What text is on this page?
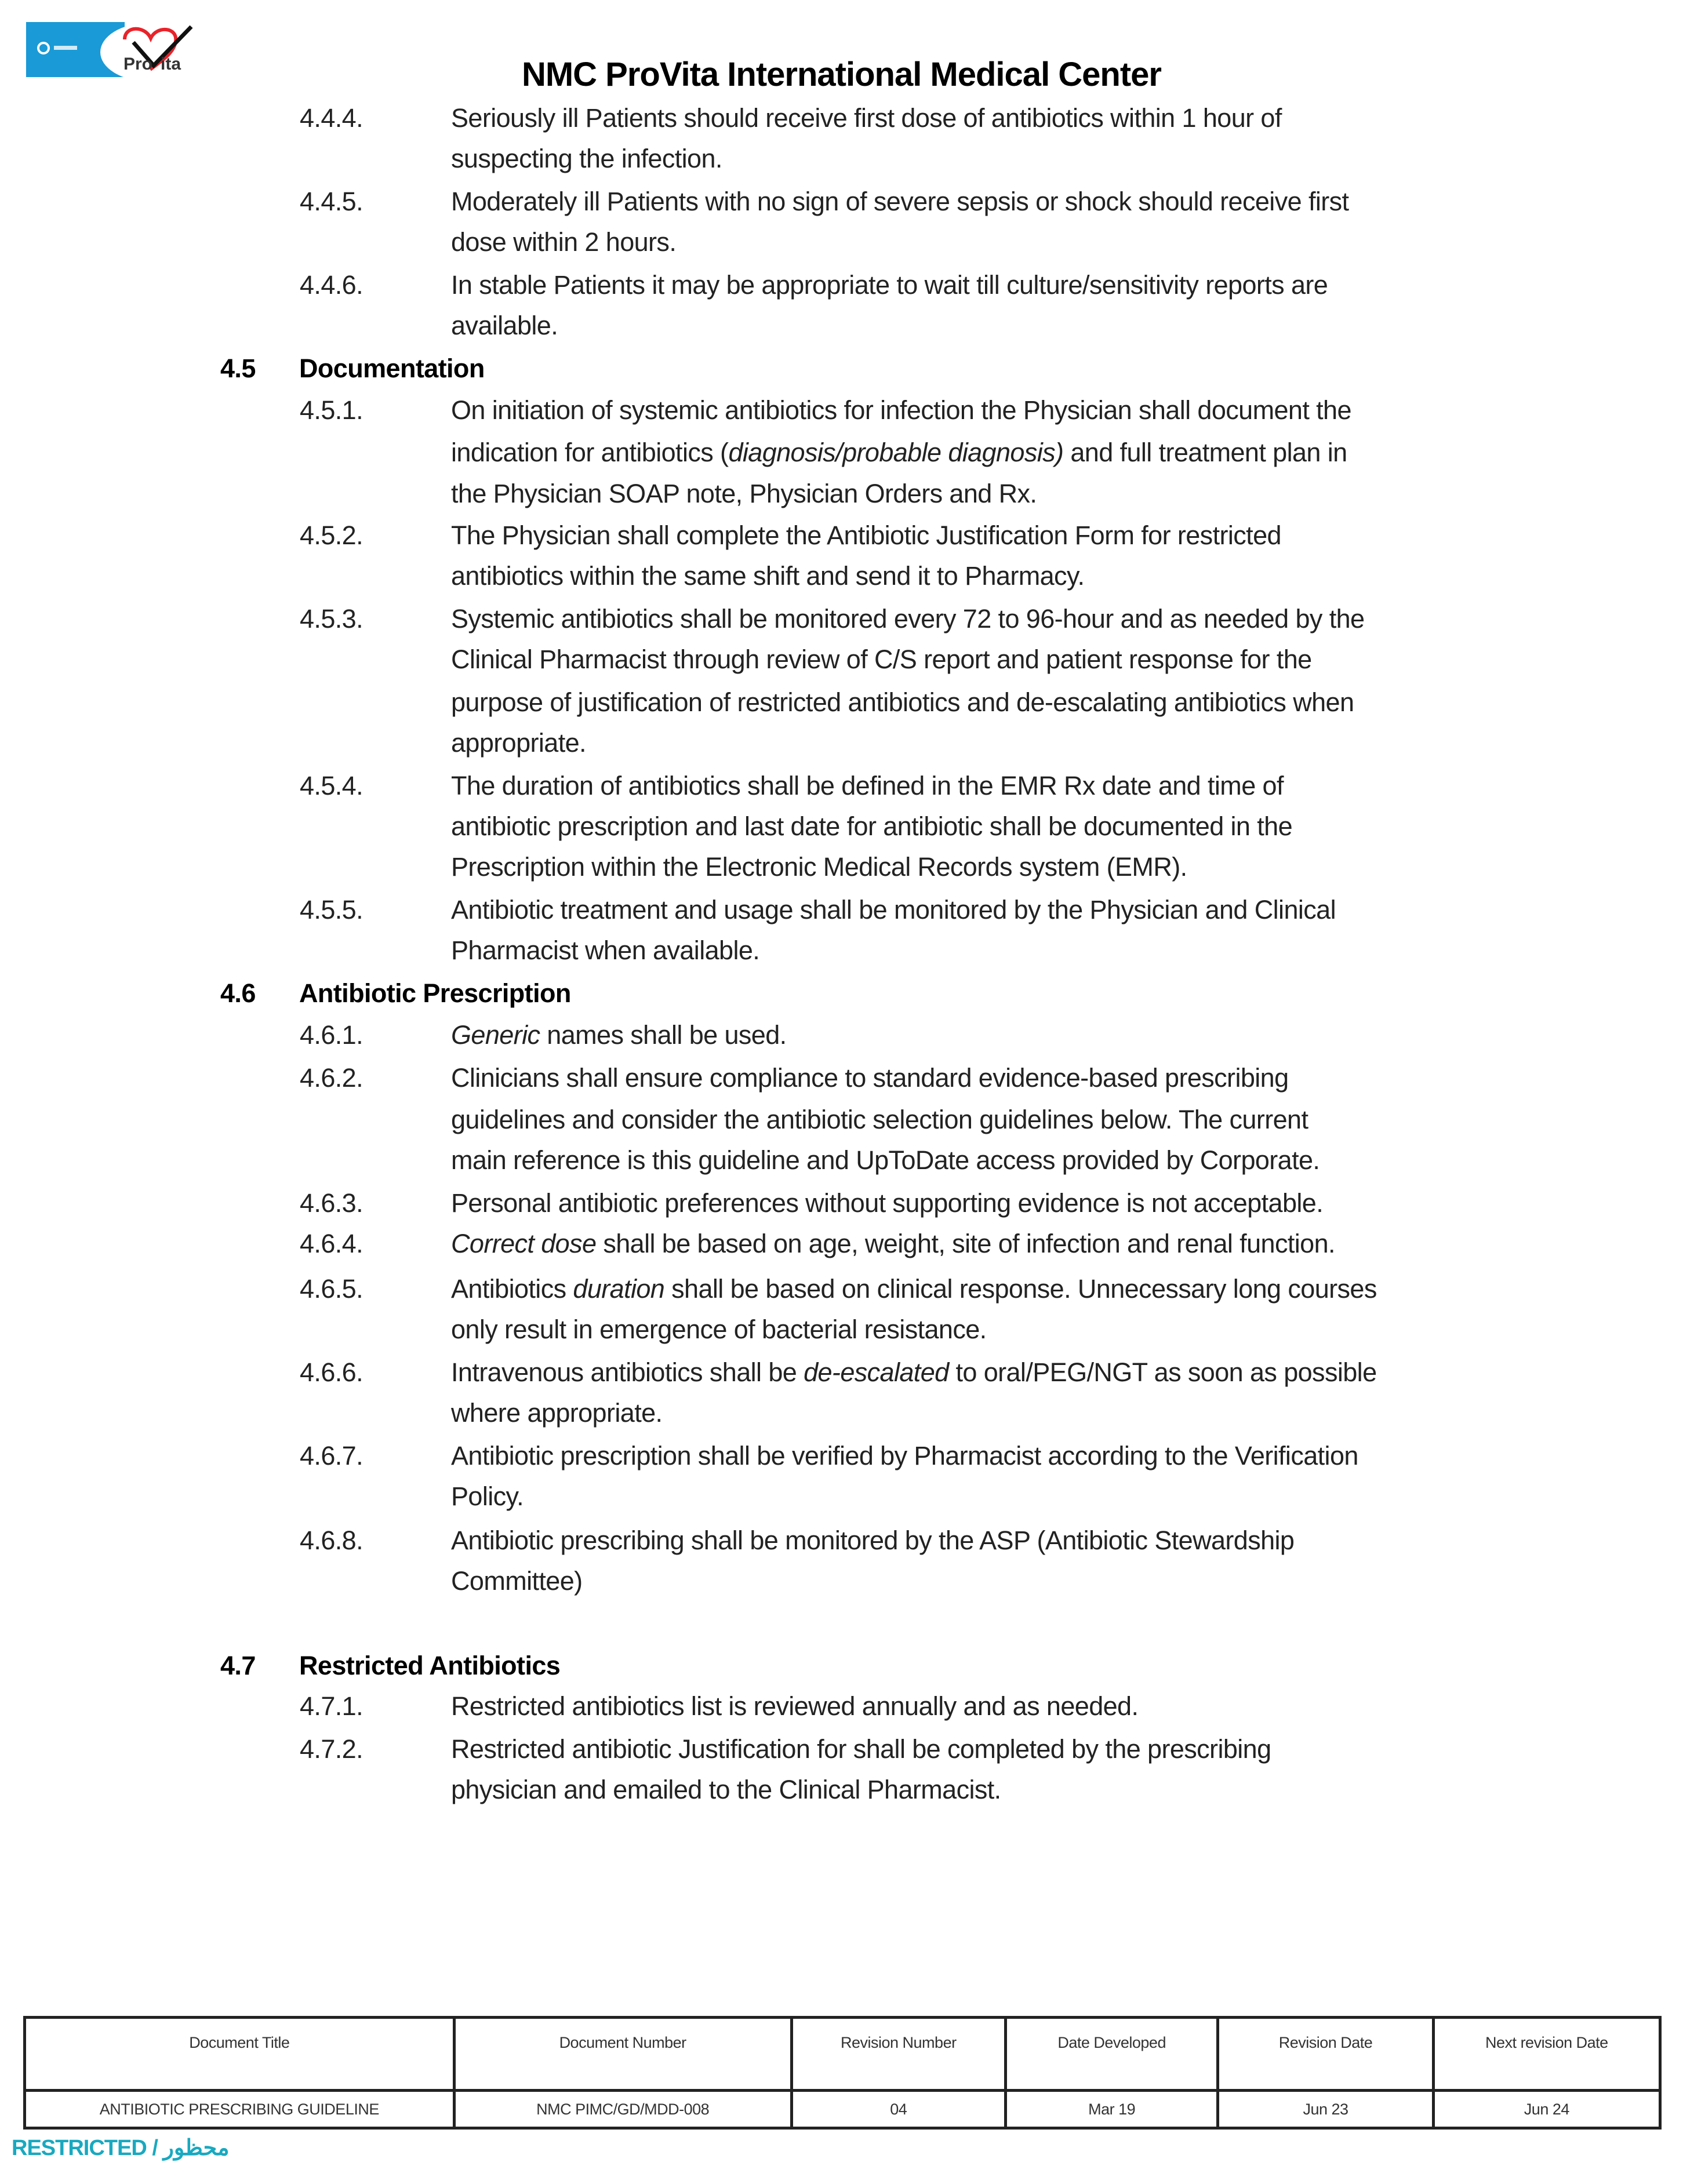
Pro ita	NMC ProVita International Medical Center
4.4.4.	Seriously ill Patients should receive first dose of antibiotics within 1 hour of
suspecting the infection.
4.4.5.	Moderately ill Patients with no sign of severe sepsis or shock should receive first
dose within 2 hours.
4.4.6.	In stable Patients it may be appropriate to wait till culture/sensitivity reports are
available.
4.5 Documentation
4.5.1.	On initiation of systemic antibiotics for infection the Physician shall document the
indication for antibiotics (diagnosis/probable diagnosis) and full treatment plan in
the Physician SOAP note, Physician Orders and Rx.
4.5.2.	The Physician shall complete the Antibiotic Justification Form for restricted
antibiotics within the same shift and send it to Pharmacy.
4.5.3.	Systemic antibiotics shall be monitored every 72 to 96-hour and as needed by the
Clinical Pharmacist through review of C/S report and patient response for the
purpose of justification of restricted antibiotics and de-escalating antibiotics when
appropriate.
4.5.4.	The duration of antibiotics shall be defined in the EMR Rx date and time of
antibiotic prescription and last date for antibiotic shall be documented in the
Prescription within the Electronic Medical Records system (EMR).
4.5.5.	Antibiotic treatment and usage shall be monitored by the Physician and Clinical
Pharmacist when available.
4.6 Antibiotic Prescription
4.6.1.	Generic names shall be used.
4.6.2.	Clinicians shall ensure compliance to standard evidence-based prescribing
guidelines and consider the antibiotic selection guidelines below. The current
main reference is this guideline and UpToDate access provided by Corporate.
4.6.3.	Personal antibiotic preferences without supporting evidence is not acceptable.
4.6.4.	Correct dose shall be based on age, weight, site of infection and renal function.
4.6.5.	Antibiotics duration shall be based on clinical response. Unnecessary long courses
only result in emergence of bacterial resistance.
4.6.6.	Intravenous antibiotics shall be de-escalated to oral/PEG/NGT as soon as possible
where appropriate.
4.6.7.	Antibiotic prescription shall be verified by Pharmacist according to the Verification
Policy.
4.6.8.	Antibiotic prescribing shall be monitored by the ASP (Antibiotic Stewardship
Committee)
4.7 Restricted Antibiotics
4.7.1.	Restricted antibiotics list is reviewed annually and as needed.
4.7.2.	Restricted antibiotic Justification for shall be completed by the prescribing
physician and emailed to the Clinical Pharmacist.
Document Title	Document Number	Revision Number	Date Developed	Revision Date	Next revision Date
ANTIBIOTIC PRESCRIBING GUIDELINE	NMC PIMC/GD/MDD-008	04	Mar 19	Jun 23	Jun 24
RESTRICTED / محظور
